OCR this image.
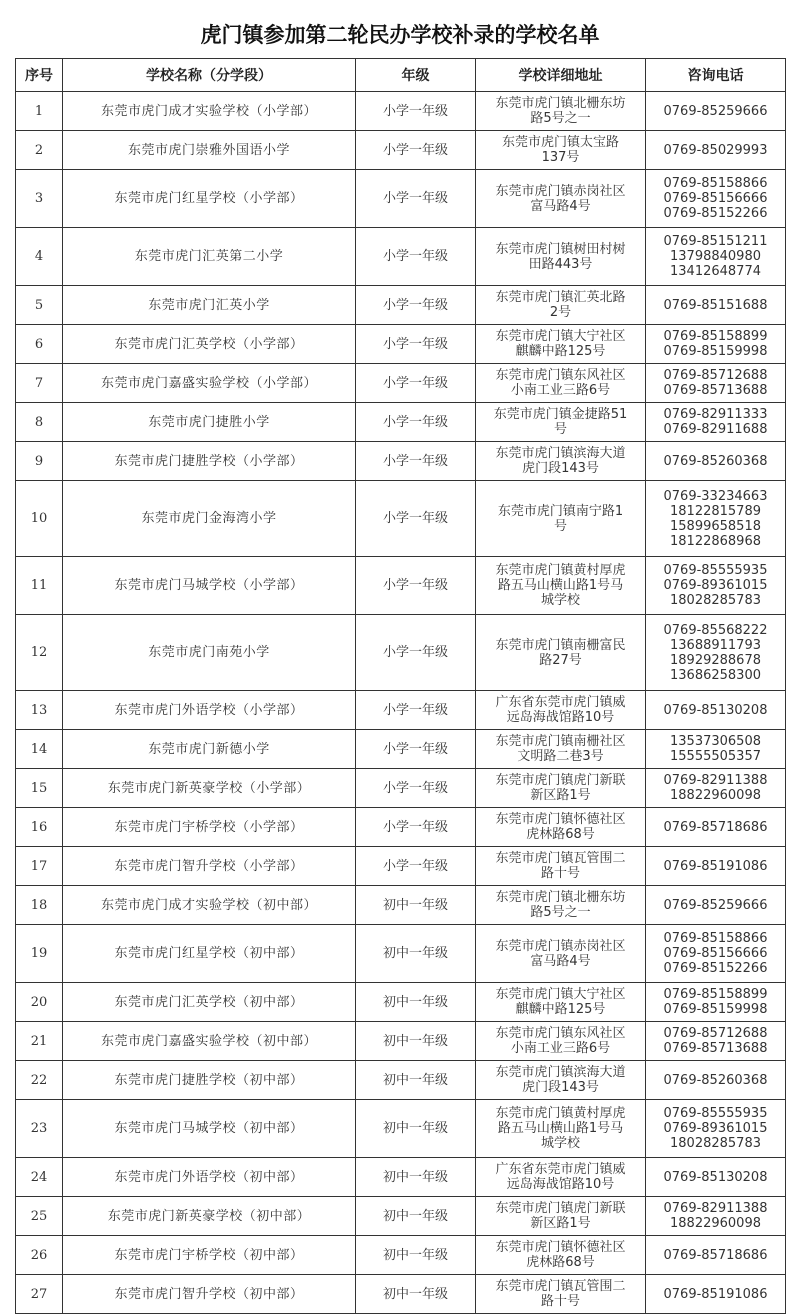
虎门镇参加第二轮民办学校补录的学校名单
序号	学校名称（分学段）	年级	学校详细地址	咨询电话
1	东莞市虎门成才实验学校（小学部）	小学一年级	东莞市虎门镇北栅东坊
路5号之一	0769-85259666
2	东莞市虎门崇雅外国语小学	小学一年级	东莞市虎门镇太宝路
137号	0769-85029993
3	东莞市虎门红星学校（小学部）	小学一年级	东莞市虎门镇赤岗社区
富马路4号	0769-85158866
0769-85156666
0769-85152266
4	东莞市虎门汇英第二小学	小学一年级	东莞市虎门镇树田村树
田路443号	0769-85151211
13798840980
13412648774
5	东莞市虎门汇英小学	小学一年级	东莞市虎门镇汇英北路
2号	0769-85151688
6	东莞市虎门汇英学校（小学部）	小学一年级	东莞市虎门镇大宁社区
麒麟中路125号	0769-85158899
0769-85159998
7	东莞市虎门嘉盛实验学校（小学部）	小学一年级	东莞市虎门镇东风社区
小南工业三路6号	0769-85712688
0769-85713688
8	东莞市虎门捷胜小学	小学一年级	东莞市虎门镇金捷路51
号	0769-82911333
0769-82911688
9	东莞市虎门捷胜学校（小学部）	小学一年级	东莞市虎门镇滨海大道
虎门段143号	0769-85260368
10	东莞市虎门金海湾小学	小学一年级	东莞市虎门镇南宁路1
号	0769-33234663
18122815789
15899658518
18122868968
11	东莞市虎门马城学校（小学部）	小学一年级	东莞市虎门镇黄村厚虎
路五马山横山路1号马
城学校	0769-85555935
0769-89361015
18028285783
12	东莞市虎门南苑小学	小学一年级	东莞市虎门镇南栅富民
路27号	0769-85568222
13688911793
18929288678
13686258300
13	东莞市虎门外语学校（小学部）	小学一年级	广东省东莞市虎门镇威
远岛海战馆路10号	0769-85130208
14	东莞市虎门新德小学	小学一年级	东莞市虎门镇南栅社区
文明路二巷3号	13537306508
15555505357
15	东莞市虎门新英豪学校（小学部）	小学一年级	东莞市虎门镇虎门新联
新区路1号	0769-82911388
18822960098
16	东莞市虎门宇桥学校（小学部）	小学一年级	东莞市虎门镇怀德社区
虎林路68号	0769-85718686
17	东莞市虎门智升学校（小学部）	小学一年级	东莞市虎门镇瓦管围二
路十号	0769-85191086
18	东莞市虎门成才实验学校（初中部）	初中一年级	东莞市虎门镇北栅东坊
路5号之一	0769-85259666
19	东莞市虎门红星学校（初中部）	初中一年级	东莞市虎门镇赤岗社区
富马路4号	0769-85158866
0769-85156666
0769-85152266
20	东莞市虎门汇英学校（初中部）	初中一年级	东莞市虎门镇大宁社区
麒麟中路125号	0769-85158899
0769-85159998
21	东莞市虎门嘉盛实验学校（初中部）	初中一年级	东莞市虎门镇东风社区
小南工业三路6号	0769-85712688
0769-85713688
22	东莞市虎门捷胜学校（初中部）	初中一年级	东莞市虎门镇滨海大道
虎门段143号	0769-85260368
23	东莞市虎门马城学校（初中部）	初中一年级	东莞市虎门镇黄村厚虎
路五马山横山路1号马
城学校	0769-85555935
0769-89361015
18028285783
24	东莞市虎门外语学校（初中部）	初中一年级	广东省东莞市虎门镇威
远岛海战馆路10号	0769-85130208
25	东莞市虎门新英豪学校（初中部）	初中一年级	东莞市虎门镇虎门新联
新区路1号	0769-82911388
18822960098
26	东莞市虎门宇桥学校（初中部）	初中一年级	东莞市虎门镇怀德社区
虎林路68号	0769-85718686
27	东莞市虎门智升学校（初中部）	初中一年级	东莞市虎门镇瓦管围二
路十号	0769-85191086
